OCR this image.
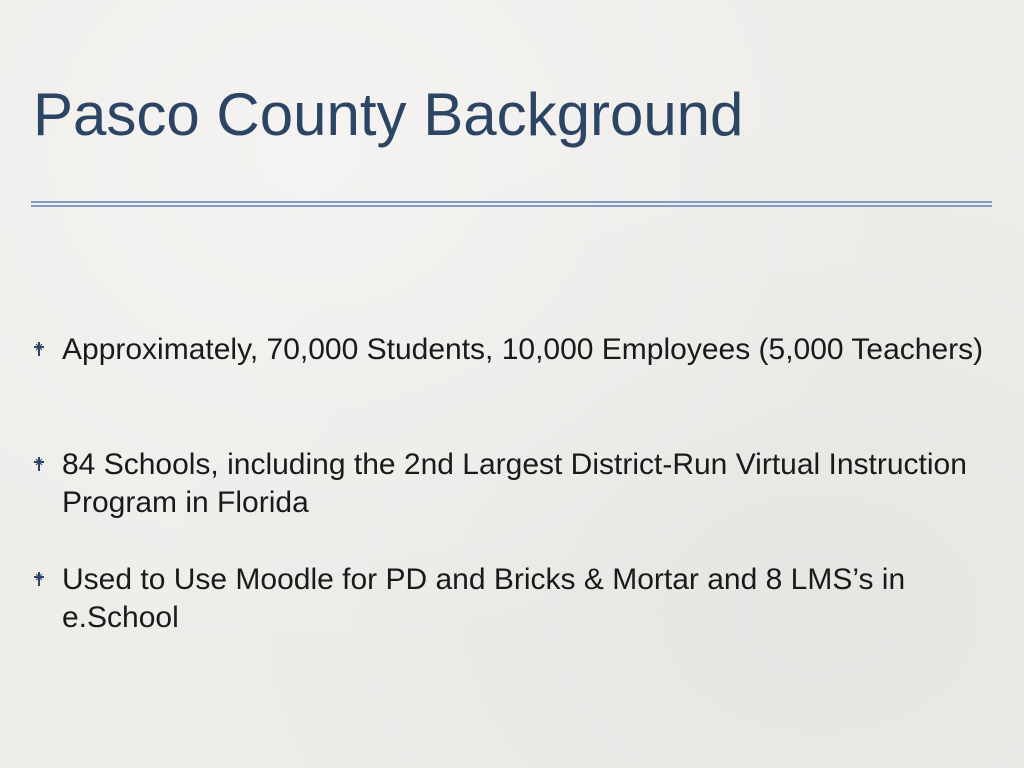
Pasco County Background
Approximately, 70,000 Students, 10,000 Employees (5,000 Teachers)
84 Schools, including the 2nd Largest District-Run Virtual Instruction Program in Florida
Used to Use Moodle for PD and Bricks & Mortar and 8 LMS’s in e.School
